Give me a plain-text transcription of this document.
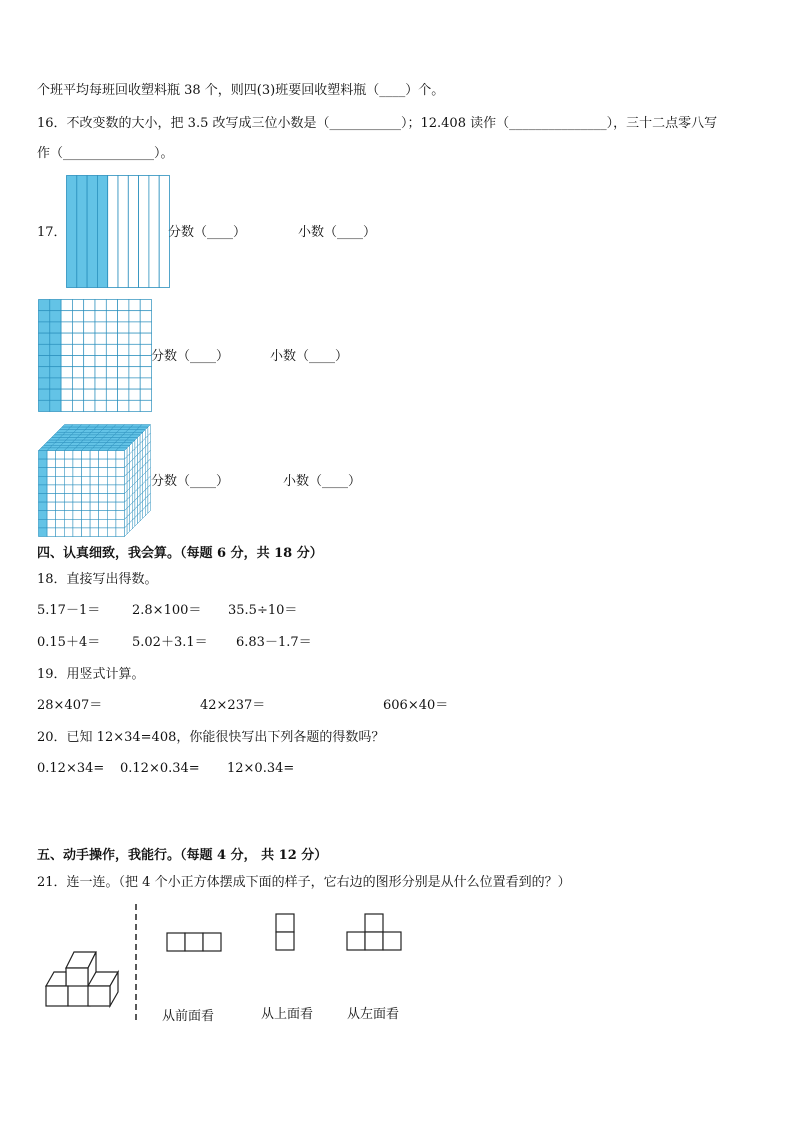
个班平均每班回收塑料瓶 38 个，则四(3)班要回收塑料瓶（____）个。
16．不改变数的大小，把 3.5 改写成三位小数是（___________）；12.408 读作（_______________），三十二点零八写
作（______________）。
17．	分数（____）	小数（____）
分数（____）	小数（____）
分数（____）	小数（____）
四、认真细致，我会算。（每题 6 分，共 18 分）
18．直接写出得数。
5.17－1＝ 2.8×100＝ 35.5÷10＝
0.15＋4＝ 5.02＋3.1＝ 6.83－1.7＝
19．用竖式计算。
28×407＝	42×237＝	606×40＝
20．已知 12×34=408，你能很快写出下列各题的得数吗？
0.12×34= 0.12×0.34= 12×0.34=
五、动手操作，我能行。（每题 4 分， 共 12 分）
21．连一连。（把 4 个小正方体摆成下面的样子，它右边的图形分别是从什么位置看到的？）
从前面看	从上面看	从左面看
